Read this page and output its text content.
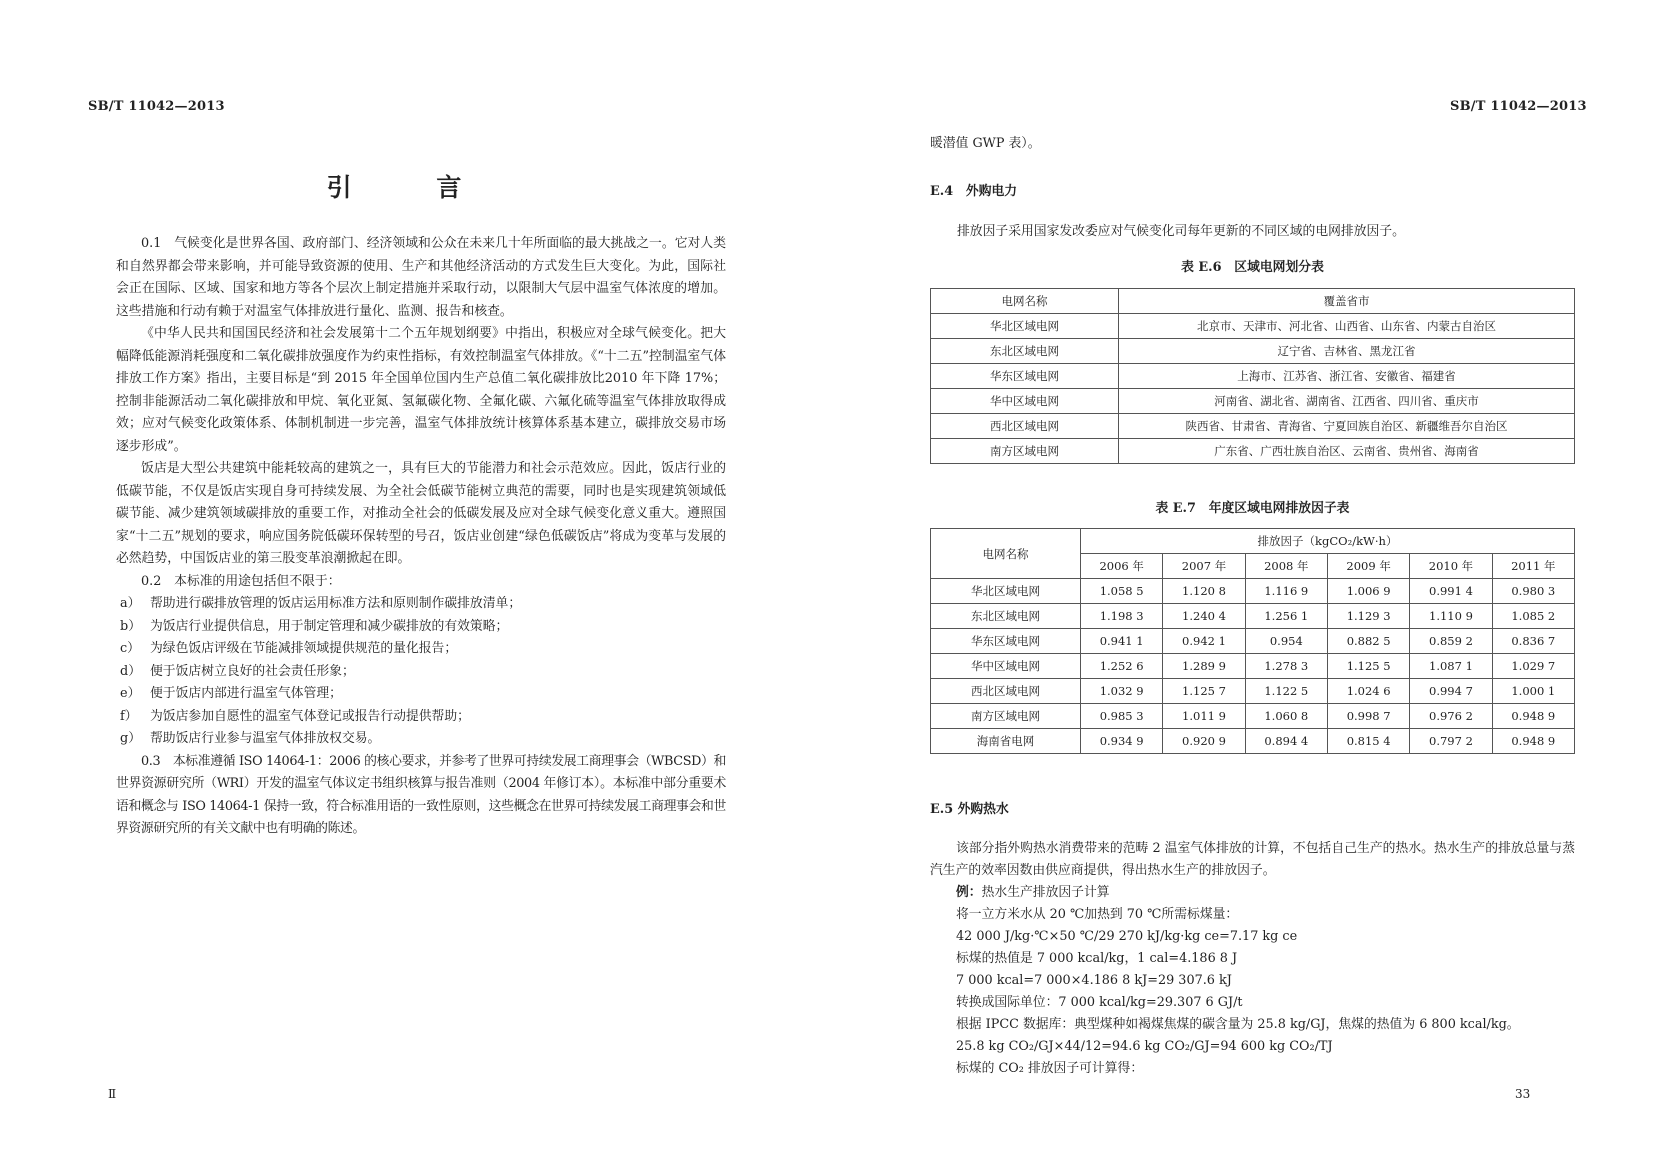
SB/T 11042—2013
引 言

0.1　气候变化是世界各国、政府部门、经济领域和公众在未来几十年所面临的最大挑战之一。它对人类和自然界都会带来影响，并可能导致资源的使用、生产和其他经济活动的方式发生巨大变化。为此，国际社会正在国际、区域、国家和地方等各个层次上制定措施并采取行动，以限制大气层中温室气体浓度的增加。这些措施和行动有赖于对温室气体排放进行量化、监测、报告和核查。

《中华人民共和国国民经济和社会发展第十二个五年规划纲要》中指出，积极应对全球气候变化。把大幅降低能源消耗强度和二氧化碳排放强度作为约束性指标，有效控制温室气体排放。《“十二五”控制温室气体排放工作方案》指出，主要目标是“到 2015 年全国单位国内生产总值二氧化碳排放比2010 年下降 17%；控制非能源活动二氧化碳排放和甲烷、氧化亚氮、氢氟碳化物、全氟化碳、六氟化硫等温室气体排放取得成效；应对气候变化政策体系、体制机制进一步完善，温室气体排放统计核算体系基本建立，碳排放交易市场逐步形成”。

饭店是大型公共建筑中能耗较高的建筑之一，具有巨大的节能潜力和社会示范效应。因此，饭店行业的低碳节能，不仅是饭店实现自身可持续发展、为全社会低碳节能树立典范的需要，同时也是实现建筑领域低碳节能、减少建筑领域碳排放的重要工作，对推动全社会的低碳发展及应对全球气候变化意义重大。遵照国家“十二五”规划的要求，响应国务院低碳环保转型的号召，饭店业创建“绿色低碳饭店”将成为变革与发展的必然趋势，中国饭店业的第三股变革浪潮掀起在即。

0.2　本标准的用途包括但不限于：

a） 帮助进行碳排放管理的饭店运用标准方法和原则制作碳排放清单；

b） 为饭店行业提供信息，用于制定管理和减少碳排放的有效策略；

c） 为绿色饭店评级在节能减排领域提供规范的量化报告；

d） 便于饭店树立良好的社会责任形象；

e） 便于饭店内部进行温室气体管理；

f） 为饭店参加自愿性的温室气体登记或报告行动提供帮助；

g） 帮助饭店行业参与温室气体排放权交易。

0.3　本标准遵循 ISO 14064-1：2006 的核心要求，并参考了世界可持续发展工商理事会（WBCSD）和世界资源研究所（WRI）开发的温室气体议定书组织核算与报告准则（2004 年修订本）。本标准中部分重要术语和概念与 ISO 14064-1 保持一致，符合标准用语的一致性原则，这些概念在世界可持续发展工商理事会和世界资源研究所的有关文献中也有明确的陈述。

Ⅱ
SB/T 11042—2013
暖潜值 GWP 表）。
E.4　外购电力
排放因子采用国家发改委应对气候变化司每年更新的不同区域的电网排放因子。
表 E.6　区域电网划分表
电网名称	覆盖省市
华北区域电网	北京市、天津市、河北省、山西省、山东省、内蒙古自治区
东北区域电网	辽宁省、吉林省、黑龙江省
华东区域电网	上海市、江苏省、浙江省、安徽省、福建省
华中区域电网	河南省、湖北省、湖南省、江西省、四川省、重庆市
西北区域电网	陕西省、甘肃省、青海省、宁夏回族自治区、新疆维吾尔自治区
南方区域电网	广东省、广西壮族自治区、云南省、贵州省、海南省
表 E.7　年度区域电网排放因子表
电网名称	排放因子（kgCO₂/kW·h）					
	2006 年	2007 年	2008 年	2009 年	2010 年	2011 年
华北区域电网	1.058 5	1.120 8	1.116 9	1.006 9	0.991 4	0.980 3
东北区域电网	1.198 3	1.240 4	1.256 1	1.129 3	1.110 9	1.085 2
华东区域电网	0.941 1	0.942 1	0.954	0.882 5	0.859 2	0.836 7
华中区域电网	1.252 6	1.289 9	1.278 3	1.125 5	1.087 1	1.029 7
西北区域电网	1.032 9	1.125 7	1.122 5	1.024 6	0.994 7	1.000 1
南方区域电网	0.985 3	1.011 9	1.060 8	0.998 7	0.976 2	0.948 9
海南省电网	0.934 9	0.920 9	0.894 4	0.815 4	0.797 2	0.948 9
E.5 外购热水

该部分指外购热水消费带来的范畴 2 温室气体排放的计算，不包括自己生产的热水。热水生产的排放总量与蒸汽生产的效率因数由供应商提供，得出热水生产的排放因子。

例：热水生产排放因子计算

将一立方米水从 20 ℃加热到 70 ℃所需标煤量：

42 000 J/kg·℃×50 ℃/29 270 kJ/kg·kg ce=7.17 kg ce

标煤的热值是 7 000 kcal/kg，1 cal=4.186 8 J

7 000 kcal=7 000×4.186 8 kJ=29 307.6 kJ

转换成国际单位：7 000 kcal/kg=29.307 6 GJ/t

根据 IPCC 数据库：典型煤种如褐煤焦煤的碳含量为 25.8 kg/GJ，焦煤的热值为 6 800 kcal/kg。

25.8 kg CO₂/GJ×44/12=94.6 kg CO₂/GJ=94 600 kg CO₂/TJ

标煤的 CO₂ 排放因子可计算得：

33
